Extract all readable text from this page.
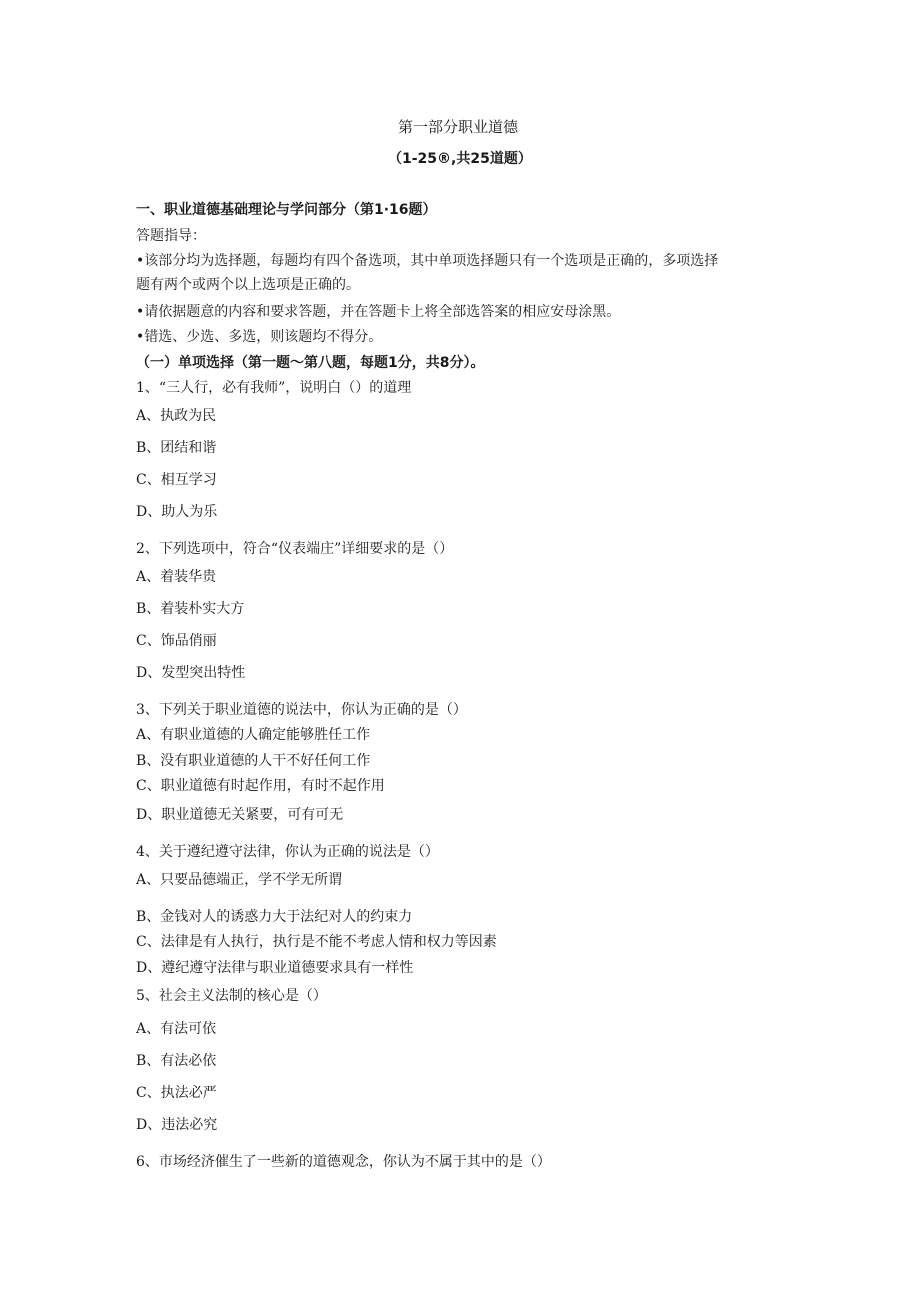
第一部分职业道德
（1-25®,共25道题）
一、职业道德基础理论与学问部分（第1·16题）
答题指导：
•该部分均为选择题，每题均有四个备选项，其中单项选择题只有一个选项是正确的，多项选择
题有两个或两个以上选项是正确的。
•请依据题意的内容和要求答题，并在答题卡上将全部选答案的相应安母涂黑。
•错选、少选、多选，则该题均不得分。
（一）单项选择（第一题〜第八题，每题1分，共8分）。
1、“三人行，必有我师”，说明白（）的道理
A、执政为民
B、团结和谐
C、相互学习
D、助人为乐
2、下列选项中，符合“仪表端庄”详细要求的是（）
A、着装华贵
B、着装朴实大方
C、饰品俏丽
D、发型突出特性
3、下列关于职业道德的说法中，你认为正确的是（）
A、有职业道德的人确定能够胜任工作
B、没有职业道德的人干不好任何工作
C、职业道德有时起作用，有时不起作用
D、职业道德无关紧要，可有可无
4、关于遵纪遵守法律，你认为正确的说法是（）
A、只要品德端正，学不学无所谓
B、金钱对人的诱惑力大于法纪对人的约束力
C、法律是有人执行，执行是不能不考虑人情和权力等因素
D、遵纪遵守法律与职业道德要求具有一样性
5、社会主义法制的核心是（）
A、有法可依
B、有法必依
C、执法必严
D、违法必究
6、市场经济催生了一些新的道德观念，你认为不属于其中的是（）
